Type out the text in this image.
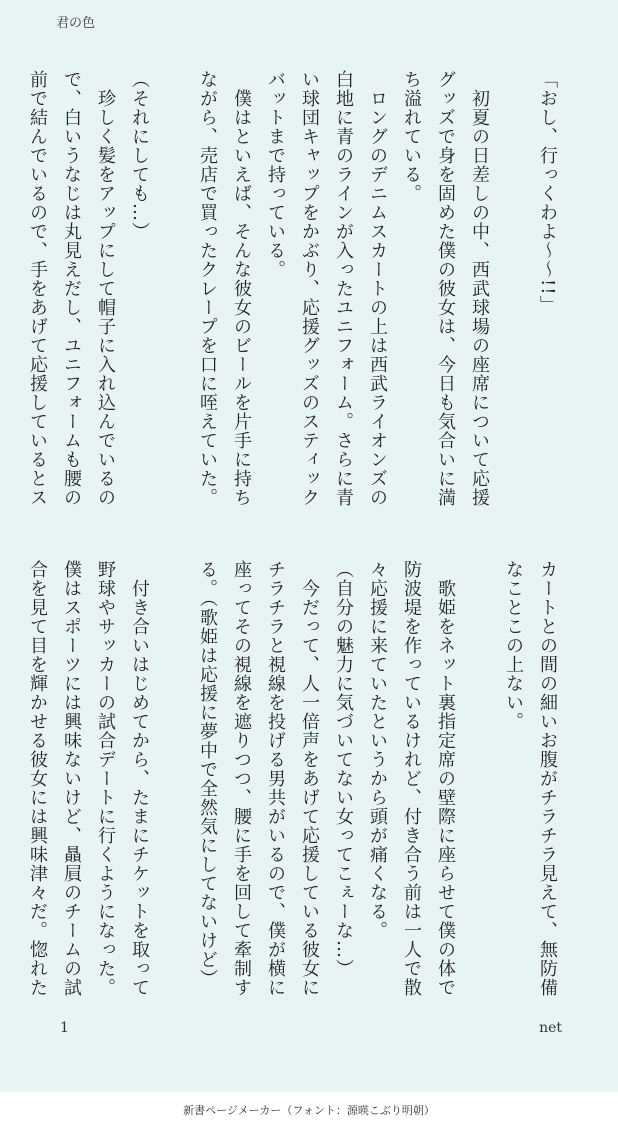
君の色
「おし、行っくわよ〜〜!!」

　初夏の日差しの中、西武球場の座席について応援
グッズで身を固めた僕の彼女は、今日も気合いに満
ち溢れている。
　ロングのデニムスカートの上は西武ライオンズの
白地に青のラインが入ったユニフォーム。さらに青
い球団キャップをかぶり、応援グッズのスティック
バットまで持っている。
　僕はといえば、そんな彼女のビールを片手に持ち
ながら、売店で買ったクレープを口に咥えていた。

（それにしても…）
　珍しく髪をアップにして帽子に入れ込んでいるの
で、白いうなじは丸見えだし、ユニフォームも腰の
前で結んでいるので、手をあげて応援しているとス
カートとの間の細いお腹がチラチラ見えて、無防備
なことこの上ない。

　歌姫をネット裏指定席の壁際に座らせて僕の体で
防波堤を作っているけれど、付き合う前は一人で散
々応援に来ていたというから頭が痛くなる。
（自分の魅力に気づいてない女ってこぇーな…）
　今だって、人一倍声をあげて応援している彼女に
チラチラと視線を投げる男共がいるので、僕が横に
座ってその視線を遮りつつ、腰に手を回して牽制す
る。（歌姫は応援に夢中で全然気にしてないけど）

　付き合いはじめてから、たまにチケットを取って
野球やサッカーの試合デートに行くようになった。
僕はスポーツには興味ないけど、贔屓のチームの試
合を見て目を輝かせる彼女には興味津々だ。惚れた
1	net
新書ページメーカー（フォント：源暎こぶり明朝）
